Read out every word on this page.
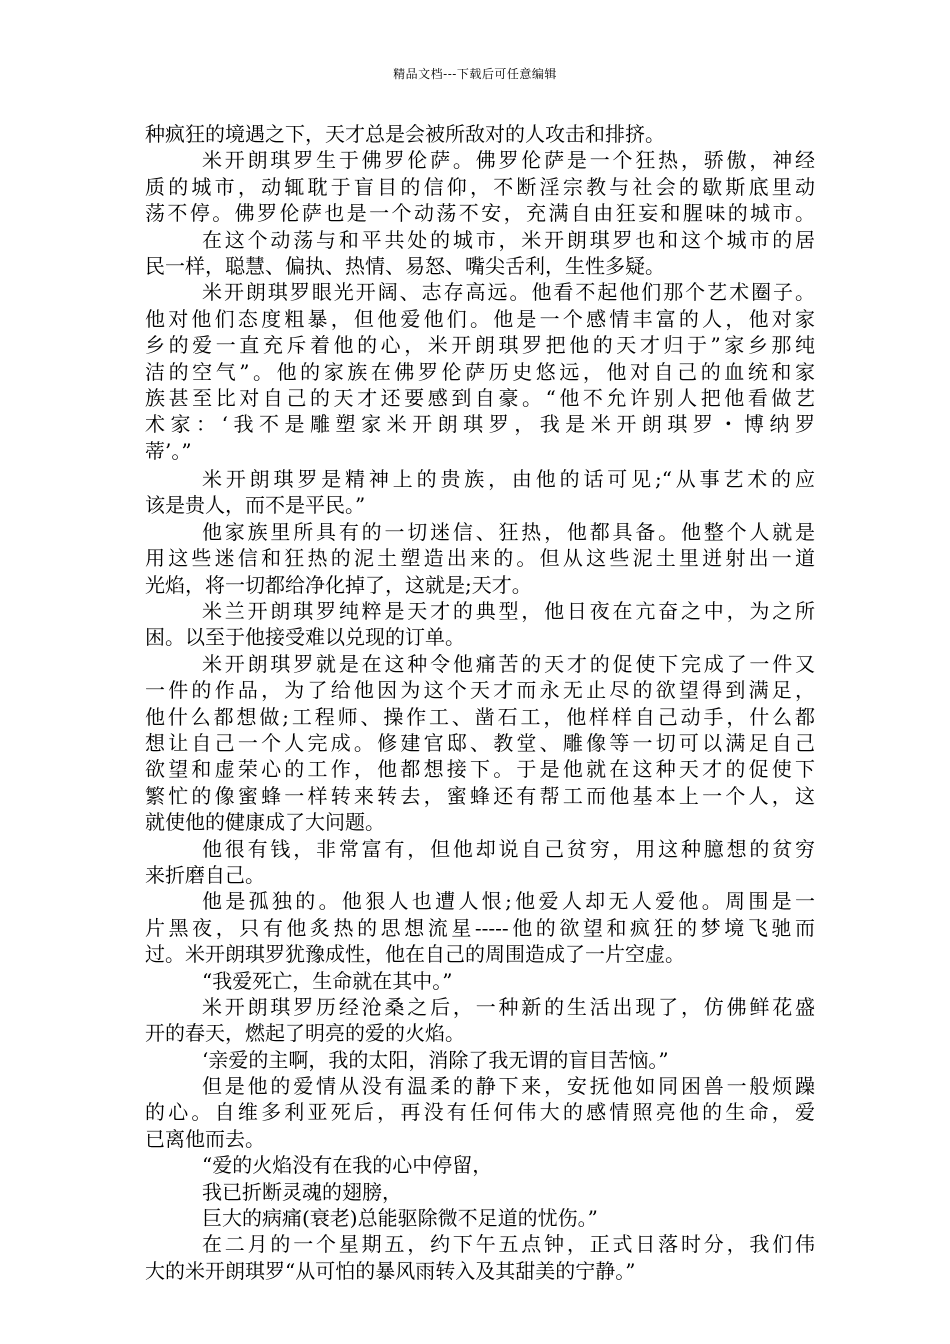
精品文档---下载后可任意编辑
种疯狂的境遇之下，天才总是会被所敌对的人攻击和排挤。
米开朗琪罗生于佛罗伦萨。佛罗伦萨是一个狂热，骄傲，神经
质的城市，动辄耽于盲目的信仰，不断淫宗教与社会的歇斯底里动
荡不停。佛罗伦萨也是一个动荡不安，充满自由狂妄和腥味的城市。
在这个动荡与和平共处的城市，米开朗琪罗也和这个城市的居
民一样，聪慧、偏执、热情、易怒、嘴尖舌利，生性多疑。
米开朗琪罗眼光开阔、志存高远。他看不起他们那个艺术圈子。
他对他们态度粗暴，但他爱他们。他是一个感情丰富的人，他对家
乡的爱一直充斥着他的心，米开朗琪罗把他的天才归于”家乡那纯
洁的空气”。他的家族在佛罗伦萨历史悠远，他对自己的血统和家
族甚至比对自己的天才还要感到自豪。“他不允许别人把他看做艺
术家：‘我不是雕塑家米开朗琪罗，我是米开朗琪罗・博纳罗
蒂’。”
米开朗琪罗是精神上的贵族，由他的话可见;“从事艺术的应
该是贵人，而不是平民。”
他家族里所具有的一切迷信、狂热，他都具备。他整个人就是
用这些迷信和狂热的泥土塑造出来的。但从这些泥土里迸射出一道
光焰，将一切都给净化掉了，这就是;天才。
米兰开朗琪罗纯粹是天才的典型，他日夜在亢奋之中，为之所
困。以至于他接受难以兑现的订单。
米开朗琪罗就是在这种令他痛苦的天才的促使下完成了一件又
一件的作品，为了给他因为这个天才而永无止尽的欲望得到满足，
他什么都想做;工程师、操作工、凿石工，他样样自己动手，什么都
想让自己一个人完成。修建官邸、教堂、雕像等一切可以满足自己
欲望和虚荣心的工作，他都想接下。于是他就在这种天才的促使下
繁忙的像蜜蜂一样转来转去，蜜蜂还有帮工而他基本上一个人，这
就使他的健康成了大问题。
他很有钱，非常富有，但他却说自己贫穷，用这种臆想的贫穷
来折磨自己。
他是孤独的。他狠人也遭人恨;他爱人却无人爱他。周围是一
片黑夜，只有他炙热的思想流星-----他的欲望和疯狂的梦境飞驰而
过。米开朗琪罗犹豫成性，他在自己的周围造成了一片空虚。
“我爱死亡，生命就在其中。”
米开朗琪罗历经沧桑之后，一种新的生活出现了，仿佛鲜花盛
开的春天，燃起了明亮的爱的火焰。
‘亲爱的主啊，我的太阳，消除了我无谓的盲目苦恼。”
但是他的爱情从没有温柔的静下来，安抚他如同困兽一般烦躁
的心。自维多利亚死后，再没有任何伟大的感情照亮他的生命，爱
已离他而去。
“爱的火焰没有在我的心中停留，
我已折断灵魂的翅膀，
巨大的病痛(衰老)总能驱除微不足道的忧伤。”
在二月的一个星期五，约下午五点钟，正式日落时分，我们伟
大的米开朗琪罗“从可怕的暴风雨转入及其甜美的宁静。”
